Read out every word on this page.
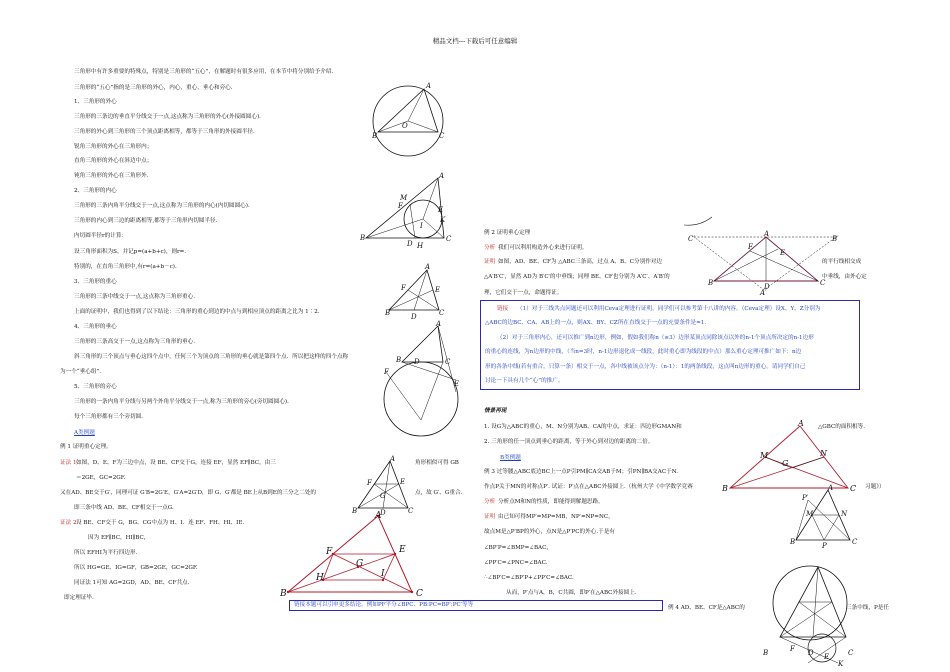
精品文档---下载后可任意编辑
三角形中有许多重要的特殊点，特别是三角形的“五心”，在解题时有很多应用，在本节中将分别给予介绍.
三角形的“五心”指的是三角形的外心，内心，重心，垂心和旁心.
1、三角形的外心
三角形的三条边的垂直平分线交于一点,这点称为三角形的外心(外接圆圆心).
三角形的外心到三角形的三个顶点距离相等，都等于三角形的外接圆半径.
锐角三角形的外心在三角形内；
直角三角形的外心在斜边中点；
钝角三角形的外心在三角形外.
2、三角形的内心
三角形的三条内角平分线交于一点,这点称为三角形的内心(内切圆圆心).
三角形的内心到三边的距离相等,都等于三角形内切圆半径.
内切圆半径r的计算：
设三角形面积为S，并记p=(a+b+c)，则r=.
特别的，在直角三角形中,有r=(a+b－c).
3、三角形的重心
三角形的三条中线交于一点,这点称为三角形重心.
上面的证明中，我们也得到了以下结论：三角形的重心到边的中点与到相应顶点的距离之比为 1∶2.
4、三角形的垂心
三角形的三条高交于一点,这点称为三角形的垂心.
斜三角形的三个顶点与垂心这四个点中，任何三个为顶点的三角形的垂心就是第四个点．所以把这样的四个点称
为一个“垂心组”．
5、三角形的旁心
三角形的一条内角平分线与另两个外角平分线交于一点,称为三角形的旁心(旁切圆圆心).
每个三角形都有三个旁切圆.
A类例题
例 1 证明重心定理。
证法 1 如图，D、E、F为三边中点，设 BE、CF交于G，连接 EF，显然 EF∥BC，由三	角形相似可得 GB
＝2GE，GC=2GF.
又在AD、BE交于G′，同理可证 G′B=2G′E，G′A=2G′D，即 G、G′都是 BE上从B到E的三分之二处的	点，故 G′、G重合.
即三条中线 AD、BE、CF相交于一点G.
证法 2 设 BE、CF交于 G，BG、CG中点为 H、I．连 EF、FH、HI、IE.
因为 EF∥BC，HI∥BC，
所以 EFHI为平行四边形.
所以 HG=GE、IG=GF，GB=2GE，GC=2GF.
同证法 1可知 AG=2GD，AD、BE、CF共点.
即定理证毕.
链接本题可以引申更多结论，例如PF平分∠BPC、PB:PC=BP′:PC′等等
A
B	C
O
A
M
F	E
K
B
D H
I
C
A
F	E
B	D	C
A
B D	C
E
F
A
F	E
G
B	D	C
A
F	E
G
H	I
B	C
例 2 证明垂心定理
分析 我们可以利用构造外心来进行证明。
证明 如图，AD、BE、CF为 △ABC三条高，过点 A、B、C分别作对边	的平行线相交成
△A′B′C′，显然 AD为 B′C′的中垂线；同理 BE、CF也分别为 A′C′、A′B′的	中垂线，由外心定
理，它们交于一点，命题得证。
链接 （1）对于三线共点问题还可以利用Ceva定理进行证明，同学们可以参考第十八讲的内容。（Ceva定理）设X、Y、Z分别为
△ABC的边BC、CA、AB上的一点，则AX、BY、CZ所在直线交于一点的充要条件是=1.
（2）对于三角形内心，还可以推广到n边形，例如，假如我们称n（≥3）边形某顶点同除该点以外的n-1个顶点所决定的n-1边形
的重心的连线，为n边形的中线，（当n=3时，n-1边形退化成一线段，此时重心即为线段的中点）那么重心定理可推广如下：n边
形的各条中线(若有重合，只算一条）相交于一点，各中线被该点分为：（n-1）：1的两条线段，这点叫n边形的重心。请同学们自己
讨论一下具有几个“心”的推广。
情景再现
1. 设G为△ABC的重心，M、N分别为AB、CA的中点，求证：四边形GMAN和	△GBC的面积相等.
2. 三角形的任一顶点到垂心的距离，等于外心到对边的距离的二倍。
B类例题
例 3 过等腰△ABC底边BC上一点P引PM∥CA交AB于M；引PN∥BA交AC于N.
作点P关于MN的对称点P′. 试证：P′点在△ABC外接圆上.（杭州大学《中学数学竞赛	习题》）
分析 分析点M和N的性质，即能得到解题思路。
证明 由已知可得MP′=MP=MB，NP′=NP=NC，
故点M是△P′BP的外心，点N是△P′PC的外心.于是有
∠BP′P=∠BMP=∠BAC，
∠PP′C=∠PNC=∠BAC.
∴∠BP′C=∠BP′P+∠PP′C=∠BAC.
从而，P′点与A，B，C共圆，即P′在△ABC外接圆上.
例 4 AD、BE、CF是△ABC的	三条中线，P是任
C′
A
B′
F
E
B	D	C
A′
A
M	N
G
B	C
A
P′
M	N
B	P	C
F
E
B	D	C
K
